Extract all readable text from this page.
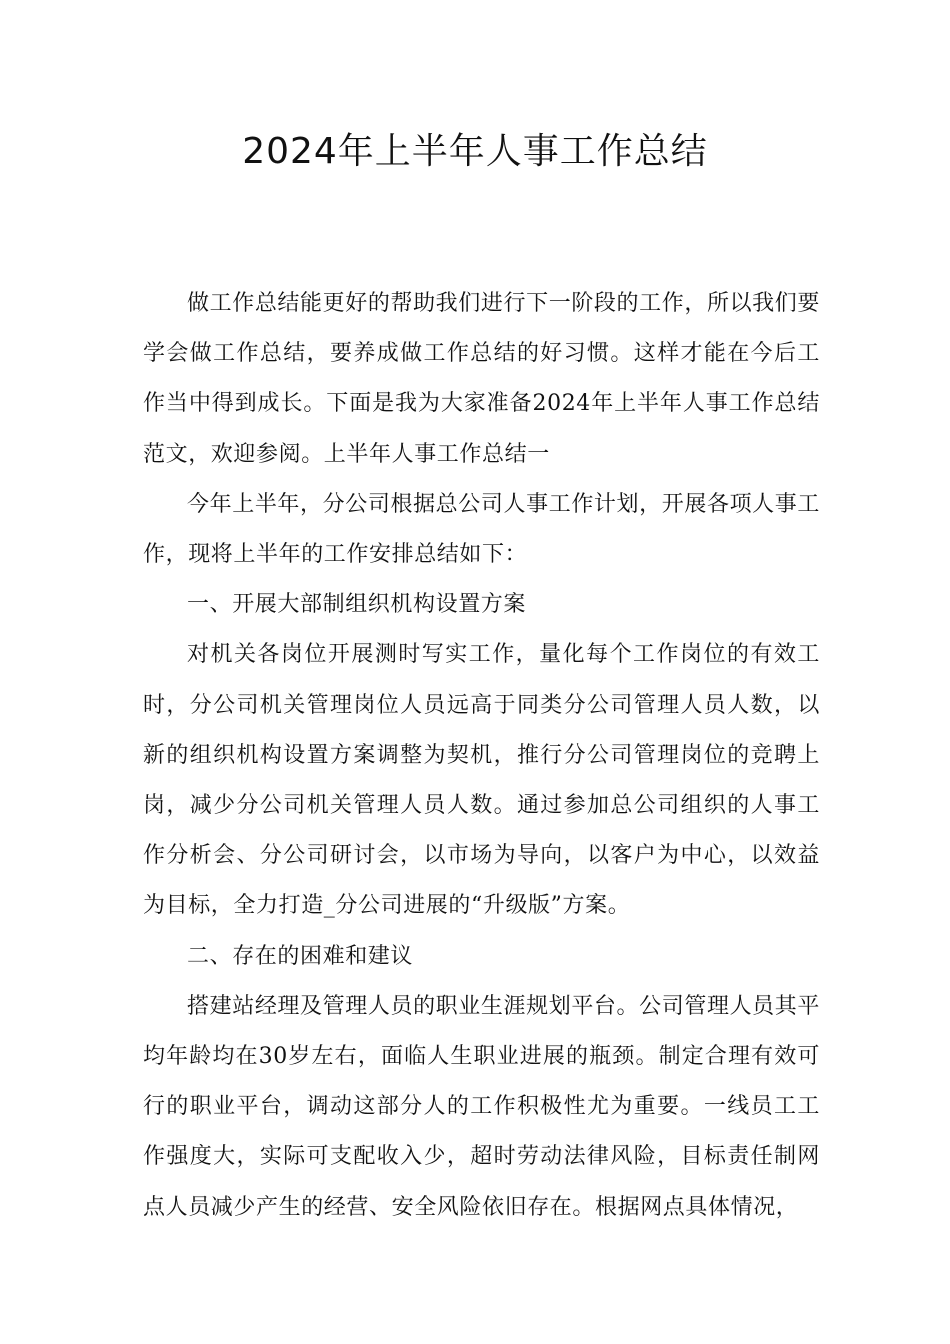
2024年上半年人事工作总结

做工作总结能更好的帮助我们进行下一阶段的工作，所以我们要学会做工作总结，要养成做工作总结的好习惯。这样才能在今后工作当中得到成长。下面是我为大家准备2024年上半年人事工作总结范文，欢迎参阅。上半年人事工作总结一

今年上半年，分公司根据总公司人事工作计划，开展各项人事工作，现将上半年的工作安排总结如下：

一、开展大部制组织机构设置方案

对机关各岗位开展测时写实工作，量化每个工作岗位的有效工时，分公司机关管理岗位人员远高于同类分公司管理人员人数，以新的组织机构设置方案调整为契机，推行分公司管理岗位的竞聘上岗，减少分公司机关管理人员人数。通过参加总公司组织的人事工作分析会、分公司研讨会，以市场为导向，以客户为中心，以效益为目标，全力打造_分公司进展的“升级版”方案。

二、存在的困难和建议

搭建站经理及管理人员的职业生涯规划平台。公司管理人员其平均年龄均在30岁左右，面临人生职业进展的瓶颈。制定合理有效可行的职业平台，调动这部分人的工作积极性尤为重要。一线员工工作强度大，实际可支配收入少，超时劳动法律风险，目标责任制网点人员减少产生的经营、安全风险依旧存在。根据网点具体情况，
